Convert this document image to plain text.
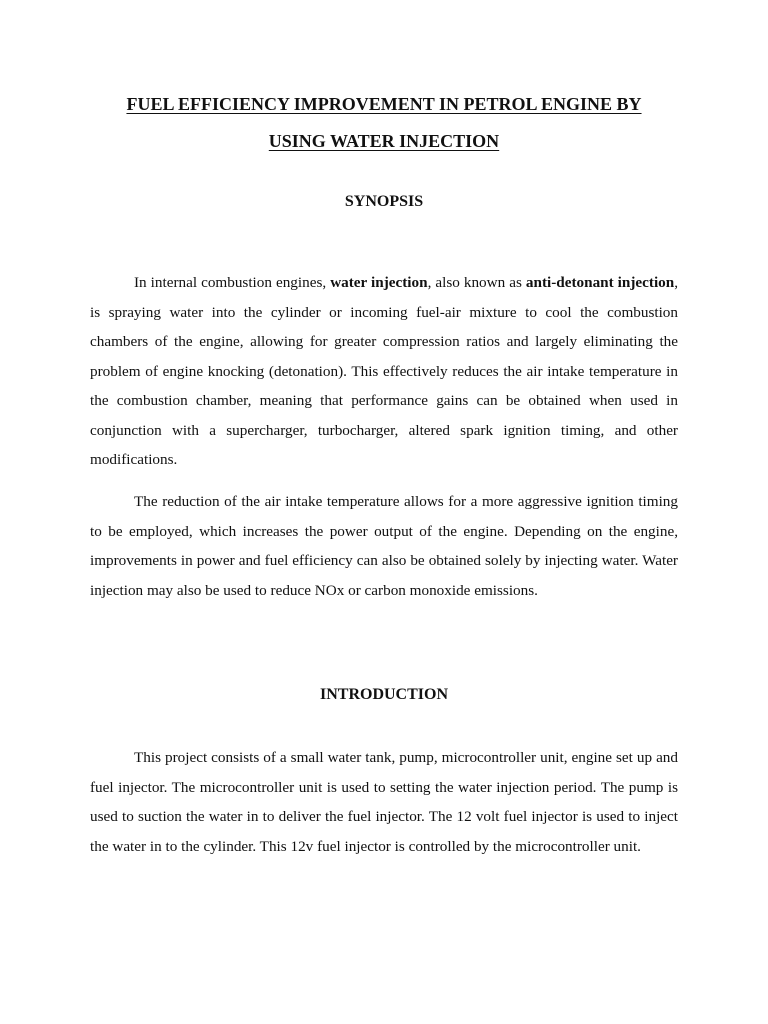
FUEL EFFICIENCY IMPROVEMENT IN PETROL ENGINE BY
USING WATER INJECTION
SYNOPSIS

In internal combustion engines, water injection, also known as anti-detonant injection, is spraying water into the cylinder or incoming fuel-air mixture to cool the combustion chambers of the engine, allowing for greater compression ratios and largely eliminating the problem of engine knocking (detonation). This effectively reduces the air intake temperature in the combustion chamber, meaning that performance gains can be obtained when used in conjunction with a supercharger, turbocharger, altered spark ignition timing, and other modifications.

The reduction of the air intake temperature allows for a more aggressive ignition timing to be employed, which increases the power output of the engine. Depending on the engine, improvements in power and fuel efficiency can also be obtained solely by injecting water. Water injection may also be used to reduce NOx or carbon monoxide emissions.

INTRODUCTION

This project consists of a small water tank, pump, microcontroller unit, engine set up and fuel injector. The microcontroller unit is used to setting the water injection period. The pump is used to suction the water in to deliver the fuel injector. The 12 volt fuel injector is used to inject the water in to the cylinder. This 12v fuel injector is controlled by the microcontroller unit.
